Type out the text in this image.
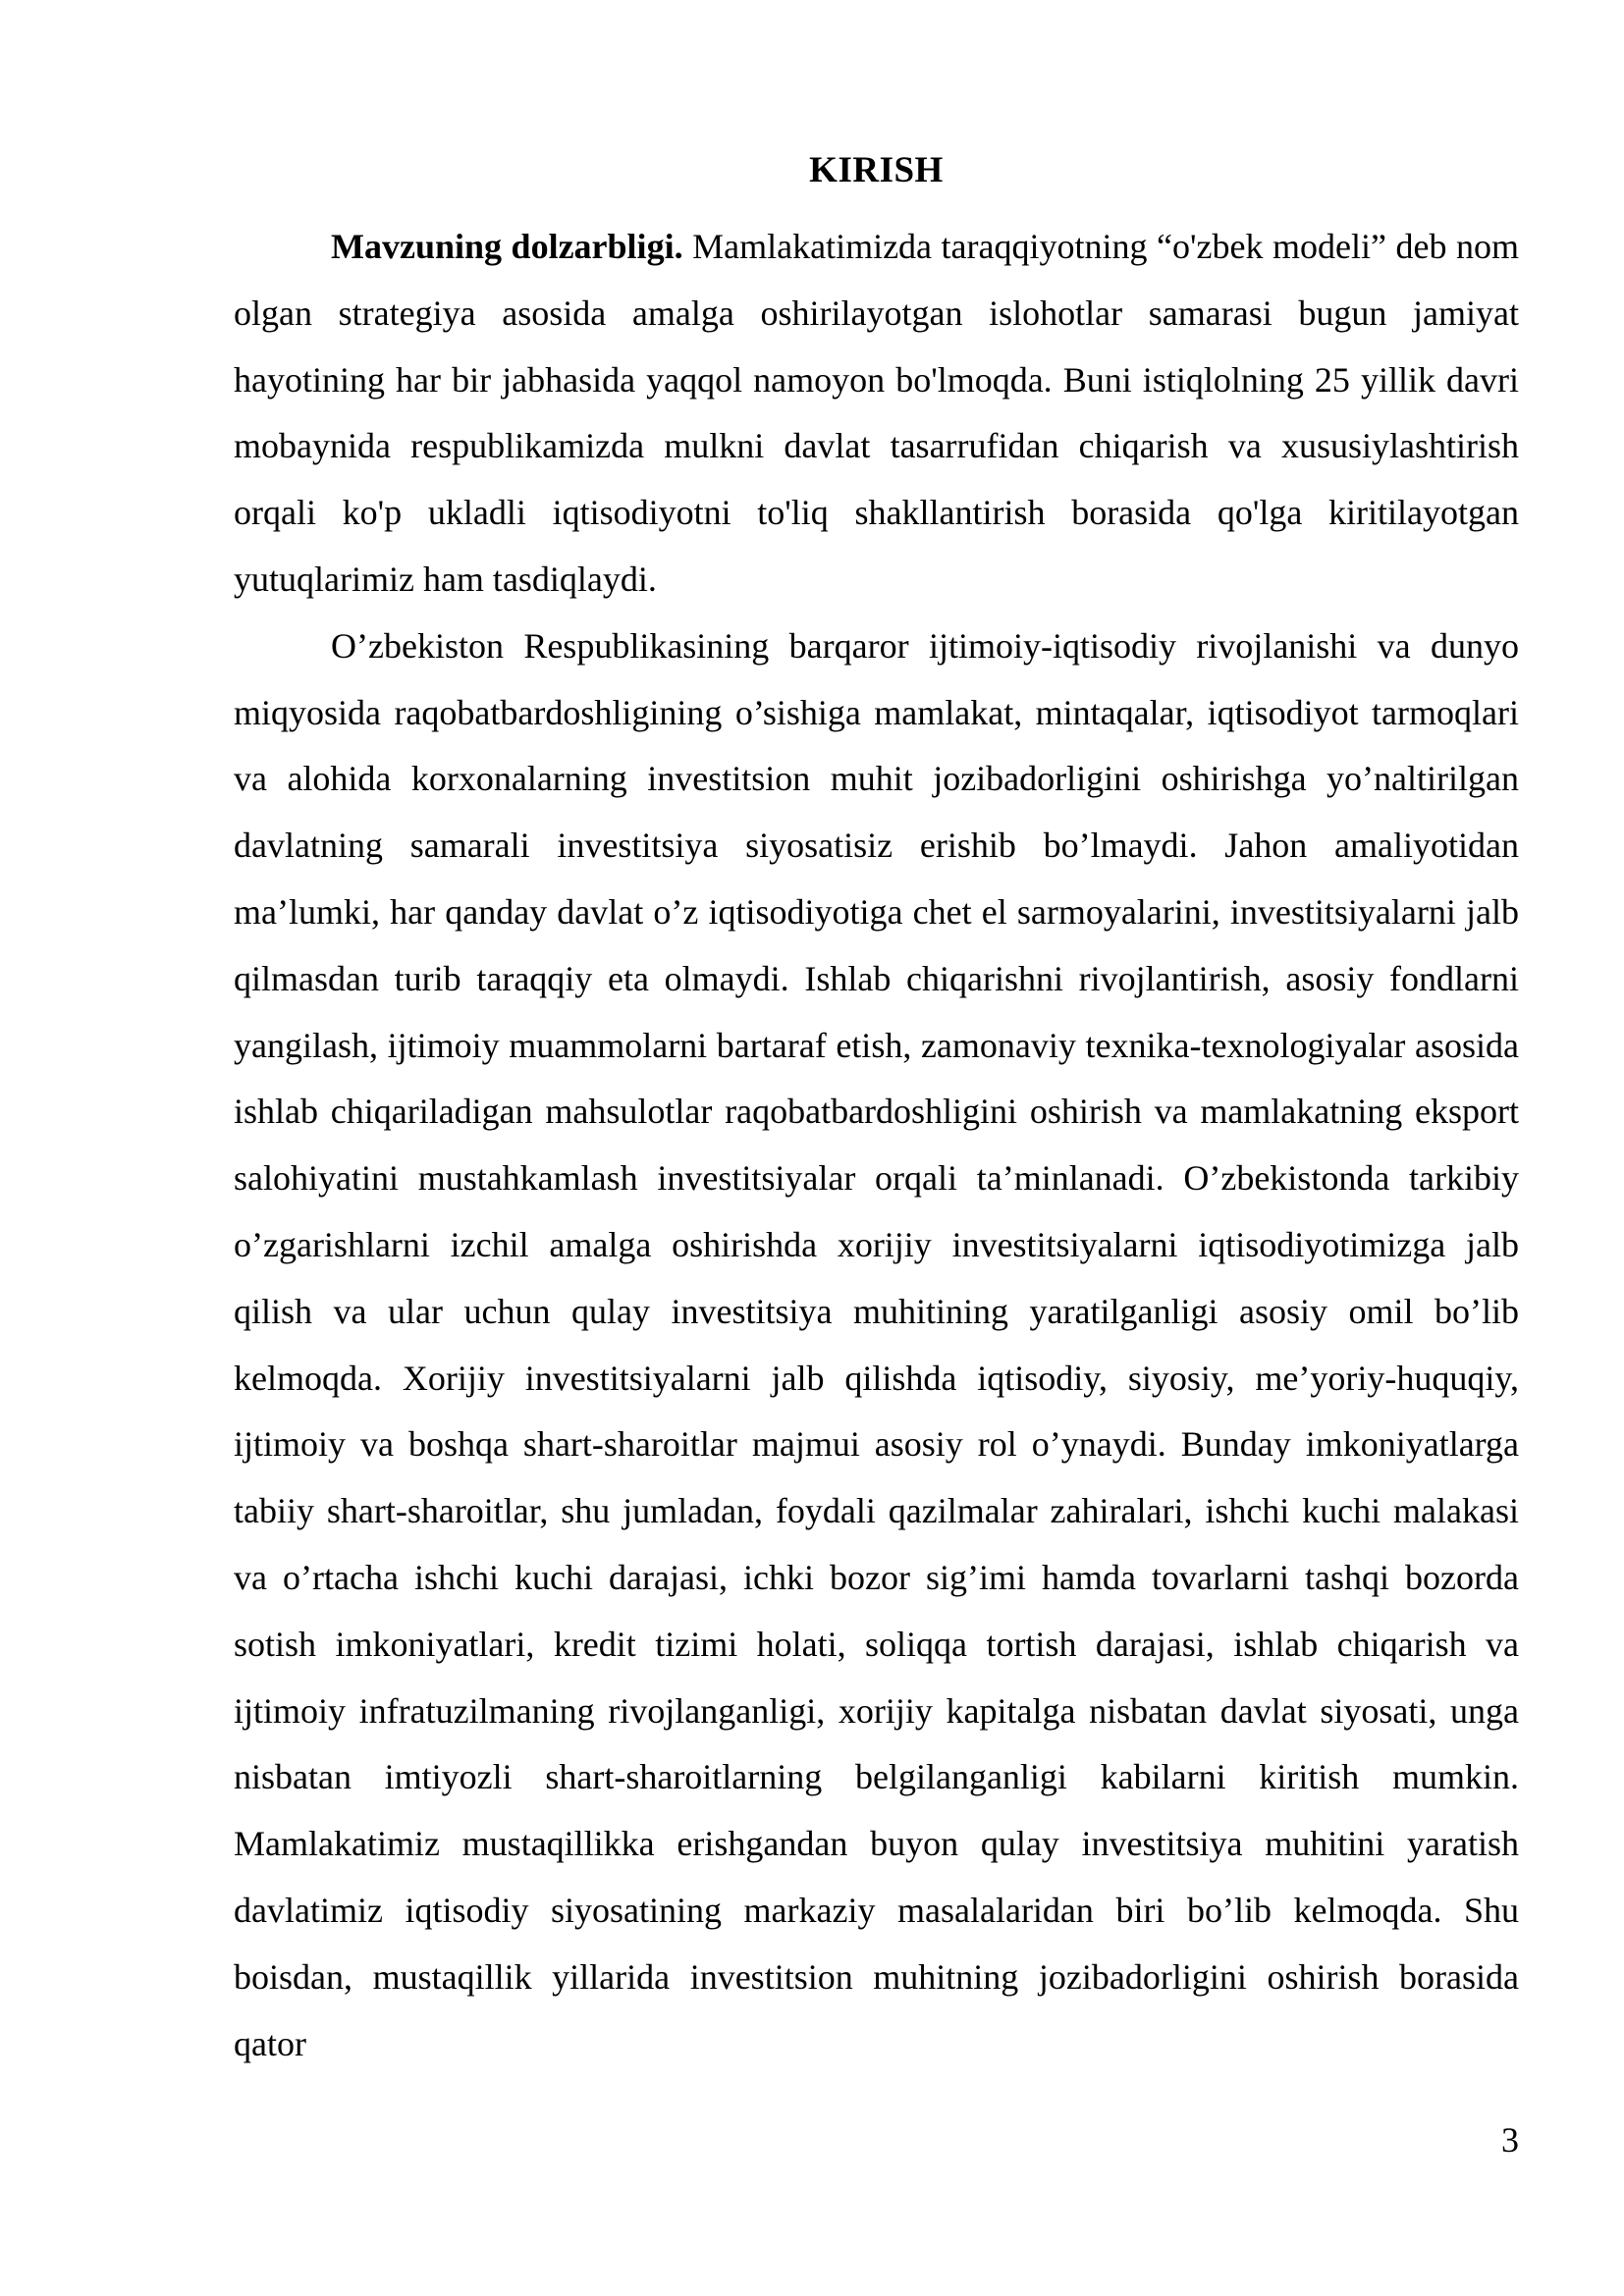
KIRISH

Mavzuning dolzarbligi. Mamlakatimizda taraqqiyotning “o'zbek modeli” deb nom olgan strategiya asosida amalga oshirilayotgan islohotlar samarasi bugun jamiyat hayotining har bir jabhasida yaqqol namoyon bo'lmoqda. Buni istiqlolning 25 yillik davri mobaynida respublikamizda mulkni davlat tasarrufidan chiqarish va xususiylashtirish orqali ko'p ukladli iqtisodiyotni to'liq shakllantirish borasida qo'lga kiritilayotgan yutuqlarimiz ham tasdiqlaydi.

O’zbekiston Respublikasining barqaror ijtimoiy-iqtisodiy rivojlanishi va dunyo miqyosida raqobatbardoshligining o’sishiga mamlakat, mintaqalar, iqtisodiyot tarmoqlari va alohida korxonalarning investitsion muhit jozibadorligini oshirishga yo’naltirilgan davlatning samarali investitsiya siyosatisiz erishib bo’lmaydi. Jahon amaliyotidan ma’lumki, har qanday davlat o’z iqtisodiyotiga chet el sarmoyalarini, investitsiyalarni jalb qilmasdan turib taraqqiy eta olmaydi. Ishlab chiqarishni rivojlantirish, asosiy fondlarni yangilash, ijtimoiy muammolarni bartaraf etish, zamonaviy texnika-texnologiyalar asosida ishlab chiqariladigan mahsulotlar raqobatbardoshligini oshirish va mamlakatning eksport salohiyatini mustahkamlash investitsiyalar orqali ta’minlanadi. O’zbekistonda tarkibiy o’zgarishlarni izchil amalga oshirishda xorijiy investitsiyalarni iqtisodiyotimizga jalb qilish va ular uchun qulay investitsiya muhitining yaratilganligi asosiy omil bo’lib kelmoqda. Xorijiy investitsiyalarni jalb qilishda iqtisodiy, siyosiy, me’yoriy-huquqiy, ijtimoiy va boshqa shart-sharoitlar majmui asosiy rol o’ynaydi. Bunday imkoniyatlarga tabiiy shart-sharoitlar, shu jumladan, foydali qazilmalar zahiralari, ishchi kuchi malakasi va o’rtacha ishchi kuchi darajasi, ichki bozor sig’imi hamda tovarlarni tashqi bozorda sotish imkoniyatlari, kredit tizimi holati, soliqqa tortish darajasi, ishlab chiqarish va ijtimoiy infratuzilmaning rivojlanganligi, xorijiy kapitalga nisbatan davlat siyosati, unga nisbatan imtiyozli shart-sharoitlarning belgilanganligi kabilarni kiritish mumkin. Mamlakatimiz mustaqillikka erishgandan buyon qulay investitsiya muhitini yaratish davlatimiz iqtisodiy siyosatining markaziy masalalaridan biri bo’lib kelmoqda. Shu boisdan, mustaqillik yillarida investitsion muhitning jozibadorligini oshirish borasida qator

3
